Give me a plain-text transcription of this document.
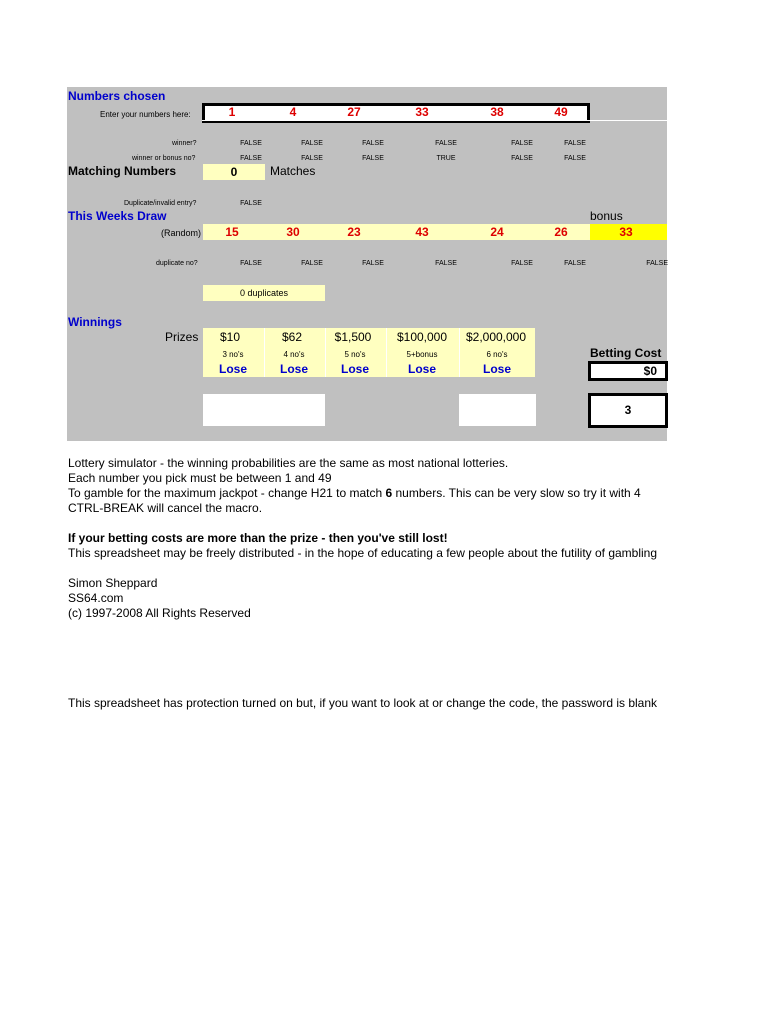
Numbers chosen
Enter your numbers here:	1	4	27	33	38	49
winner?	FALSE	FALSE	FALSE	FALSE	FALSE	FALSE
winner or bonus no?	FALSE	FALSE	FALSE	TRUE	FALSE	FALSE
Matching Numbers	0	Matches
Duplicate/invalid entry?	FALSE
This Weeks Draw	bonus
(Random)	15	30	23	43	24	26	33
duplicate no?	FALSE	FALSE	FALSE	FALSE	FALSE	FALSE	FALSE
0 duplicates
Winnings
Prizes	$10	$62	$1,500	$100,000	$2,000,000
3 no's	4 no's	5 no's	5+bonus	6 no's
Lose	Lose	Lose	Lose	Lose
Betting Cost
$0
3
Lottery simulator - the winning probabilities are the same as most national lotteries.
Each number you pick must be between 1 and 49
To gamble for the maximum jackpot - change H21 to match 6 numbers. This can be very slow so try it with 4
CTRL-BREAK will cancel the macro.
If your betting costs are more than the prize - then you've still lost!
This spreadsheet may be freely distributed - in the hope of educating a few people about the futility of gambling
Simon Sheppard
SS64.com
(c) 1997-2008 All Rights Reserved
This spreadsheet has protection turned on but, if you want to look at or change the code, the password is blank
